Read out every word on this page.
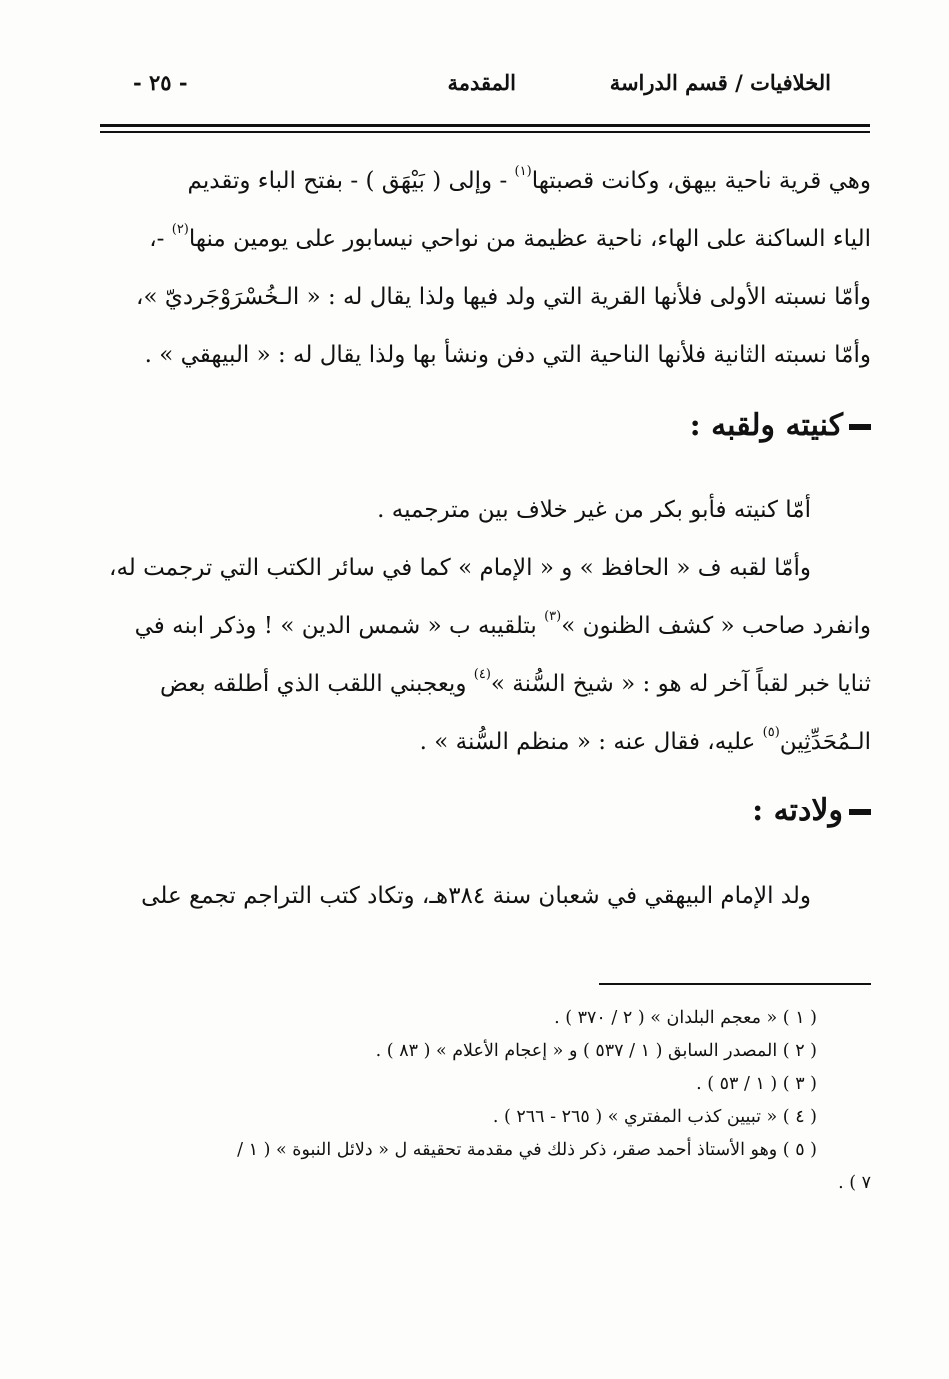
الخلافيات / قسم الدراسة
المقدمة
- ٢٥ -

وهي قرية ناحية بيهق، وكانت قصبتها$^{(١)}$ - وإلى ( بَيْهَق ) - بفتح الباء وتقديم

الياء الساكنة على الهاء، ناحية عظيمة من نواحي نيسابور على يومين منها$^{(٢)}$ -،

وأمّا نسبته الأولى فلأنها القرية التي ولد فيها ولذا يقال له : « الـخُسْرَوْجَرديّ »،

وأمّا نسبته الثانية فلأنها الناحية التي دفن ونشأ بها ولذا يقال له : « البيهقي » .

كنيته ولقبه :

أمّا كنيته فأبو بكر من غير خلاف بين مترجميه .

وأمّا لقبه ف « الحافظ » و « الإمام » كما في سائر الكتب التي ترجمت له،

وانفرد صاحب « كشف الظنون »$^{(٣)}$ بتلقيبه ب « شمس الدين » ! وذكر ابنه في

ثنايا خبر لقباً آخر له هو : « شيخ السُّنة »$^{(٤)}$ ويعجبني اللقب الذي أطلقه بعض

الـمُحَدِّثِين$^{(٥)}$ عليه، فقال عنه : « منظم السُّنة » .

ولادته :

ولد الإمام البيهقي في شعبان سنة ٣٨٤هـ، وتكاد كتب التراجم تجمع على

( ١ ) « معجم البلدان » ( ٢ / ٣٧٠ ) .

( ٢ ) المصدر السابق ( ١ / ٥٣٧ ) و « إعجام الأعلام » ( ٨٣ ) .

( ٣ ) ( ١ / ٥٣ ) .

( ٤ ) « تبيين كذب المفتري » ( ٢٦٥ - ٢٦٦ ) .

( ٥ ) وهو الأستاذ أحمد صقر، ذكر ذلك في مقدمة تحقيقه ل « دلائل النبوة » ( ١ /

٧ ) .
